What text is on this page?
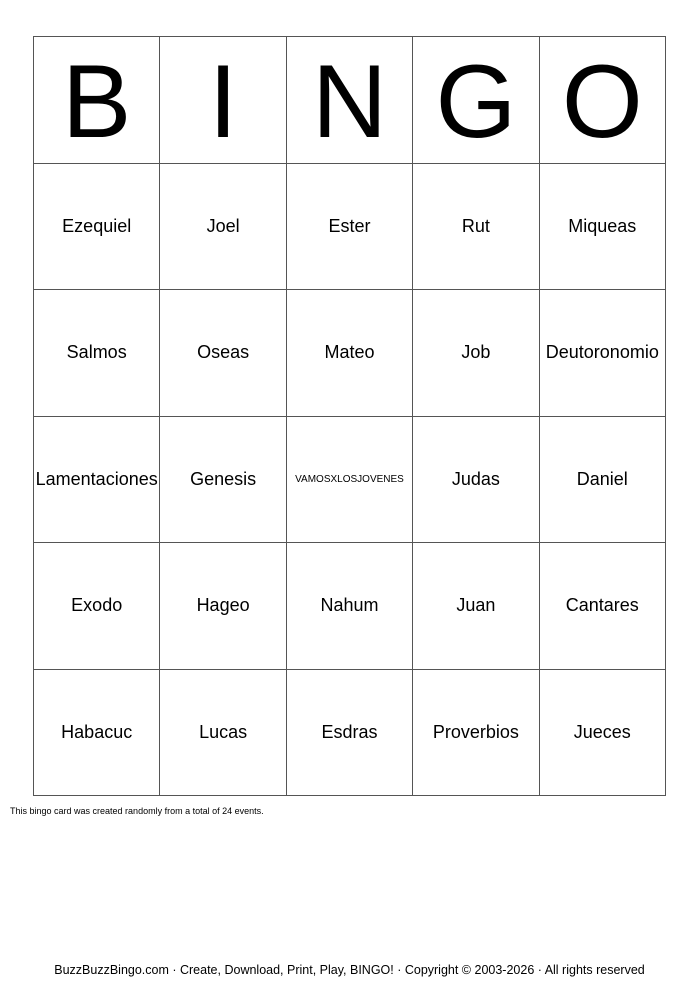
B I N G O
Ezequiel	Joel	Ester	Rut	Miqueas
Salmos	Oseas	Mateo	Job	Deutoronomio
Lamentaciones	Genesis	VAMOSXLOSJOVENES	Judas	Daniel
Exodo	Hageo	Nahum	Juan	Cantares
Habacuc	Lucas	Esdras	Proverbios	Jueces
This bingo card was created randomly from a total of 24 events.
BuzzBuzzBingo.com · Create, Download, Print, Play, BINGO! · Copyright © 2003-2026 · All rights reserved
